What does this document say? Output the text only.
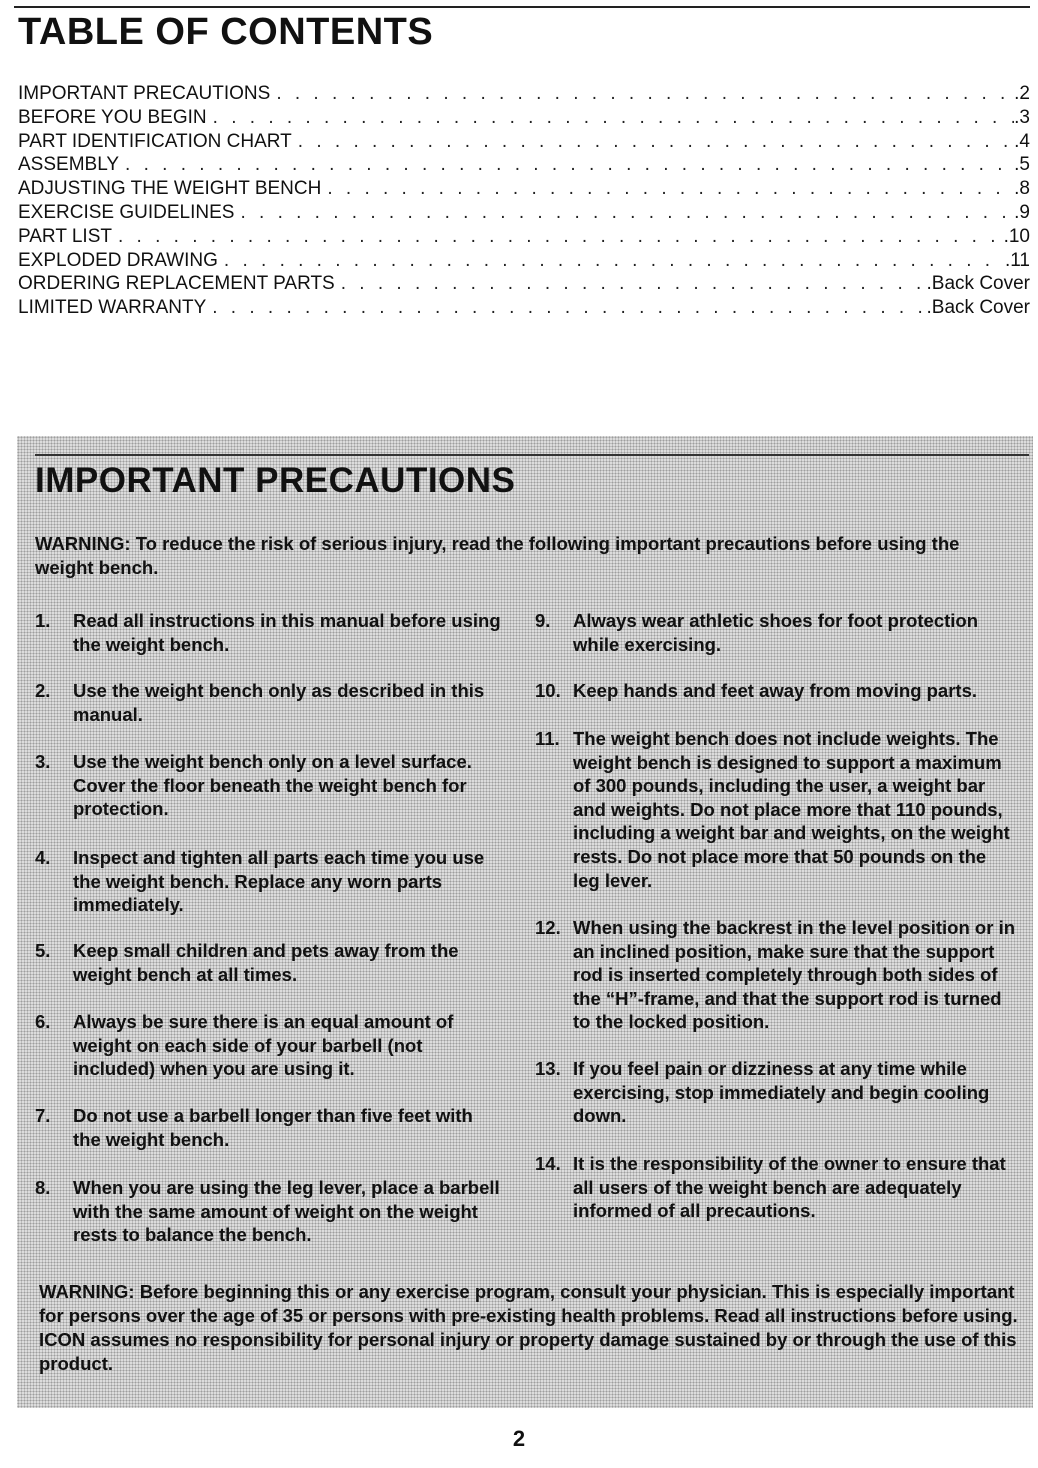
TABLE OF CONTENTS
IMPORTANT PRECAUTIONS . . .	.2
BEFORE YOU BEGIN . . .	.3
PART IDENTIFICATION CHART . . .	.4
ASSEMBLY . . .	.5
ADJUSTING THE WEIGHT BENCH . . .	.8
EXERCISE GUIDELINES . . .	.9
PART LIST . . .	.10
EXPLODED DRAWING . . .	.11
ORDERING REPLACEMENT PARTS . . .	.Back Cover
LIMITED WARRANTY . . .	.Back Cover
IMPORTANT PRECAUTIONS

WARNING: To reduce the risk of serious injury, read the following important precautions before using the weight bench.

1.	Read all instructions in this manual before using the weight bench.
2.	Use the weight bench only as described in this manual.
3.	Use the weight bench only on a level surface. Cover the floor beneath the weight bench for protection.
4.	Inspect and tighten all parts each time you use the weight bench. Replace any worn parts immediately.
5.	Keep small children and pets away from the weight bench at all times.
6.	Always be sure there is an equal amount of weight on each side of your barbell (not included) when you are using it.
7.	Do not use a barbell longer than five feet with the weight bench.
8.	When you are using the leg lever, place a barbell with the same amount of weight on the weight rests to balance the bench.
9.	Always wear athletic shoes for foot protection while exercising.
10. Keep hands and feet away from moving parts.
11. The weight bench does not include weights. The weight bench is designed to support a maximum of 300 pounds, including the user, a weight bar and weights. Do not place more that 110 pounds, including a weight bar and weights, on the weight rests. Do not place more that 50 pounds on the leg lever.
12. When using the backrest in the level position or in an inclined position, make sure that the support rod is inserted completely through both sides of the “H”-frame, and that the support rod is turned to the locked position.
13. If you feel pain or dizziness at any time while exercising, stop immediately and begin cooling down.
14. It is the responsibility of the owner to ensure that all users of the weight bench are adequately informed of all precautions.

WARNING: Before beginning this or any exercise program, consult your physician. This is especially important for persons over the age of 35 or persons with pre-existing health problems. Read all instructions before using. ICON assumes no responsibility for personal injury or property damage sustained by or through the use of this product.

2
